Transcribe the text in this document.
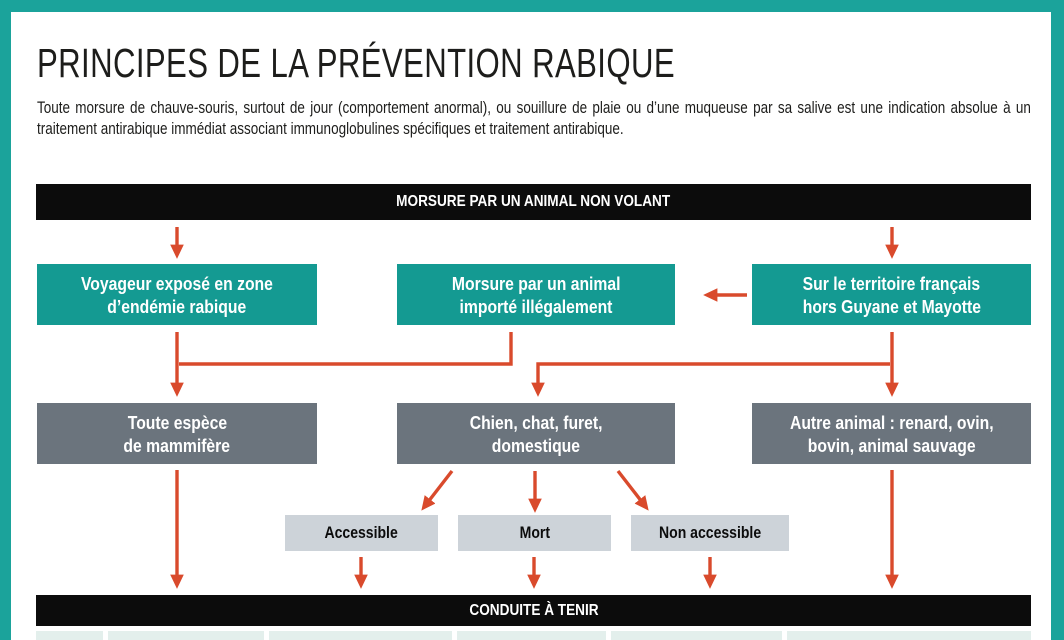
PRINCIPES DE LA PRÉVENTION RABIQUE

Toute morsure de chauve-souris, surtout de jour (comportement anormal), ou souillure de plaie ou d’une muqueuse par sa salive est une indication absolue à un traitement antirabique immédiat associant immunoglobulines spécifiques et traitement antirabique.

MORSURE PAR UN ANIMAL NON VOLANT
Voyageur exposé en zone
d’endémie rabique
Morsure par un animal
importé illégalement
Sur le territoire français
hors Guyane et Mayotte
Toute espèce
de mammifère
Chien, chat, furet,
domestique
Autre animal : renard, ovin,
bovin, animal sauvage
Accessible	Mort	Non accessible
CONDUITE À TENIR
